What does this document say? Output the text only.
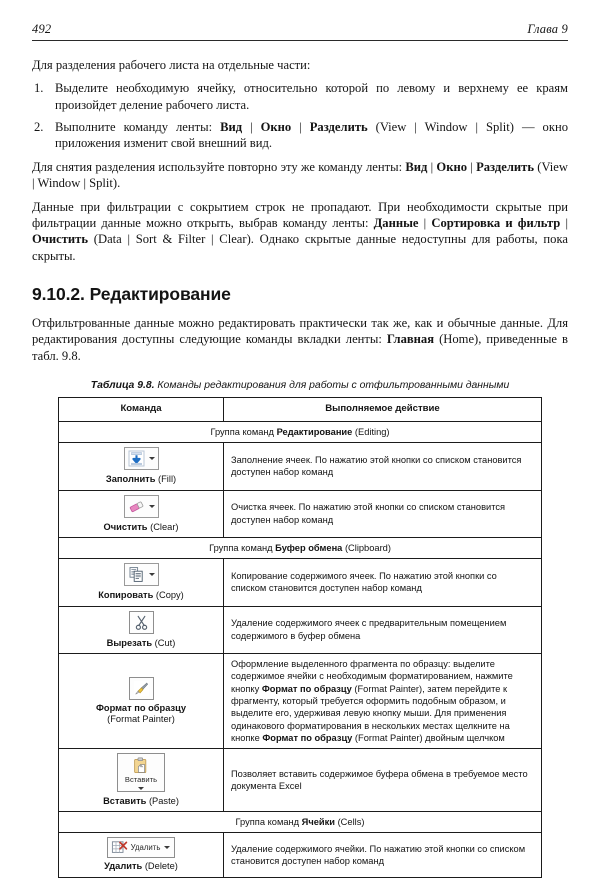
492	Глава 9

Для разделения рабочего листа на отдельные части:

Выделите необходимую ячейку, относительно которой по левому и верхнему ее краям произойдет деление рабочего листа.
Выполните команду ленты: Вид | Окно | Разделить (View | Window | Split) — окно приложения изменит свой внешний вид.

Для снятия разделения используйте повторно эту же команду ленты: Вид | Окно | Разделить (View | Window | Split).

Данные при фильтрации с сокрытием строк не пропадают. При необходимости скрытые при фильтрации данные можно открыть, выбрав команду ленты: Данные | Сортировка и фильтр | Очистить (Data | Sort & Filter | Clear). Однако скрытые данные недоступны для работы, пока скрыты.

9.10.2. Редактирование

Отфильтрованные данные можно редактировать практически так же, как и обычные данные. Для редактирования доступны следующие команды вкладки ленты: Главная (Home), приведенные в табл. 9.8.

Таблица 9.8. Команды редактирования для работы с отфильтрованными данными
Команда	Выполняемое действие
Группа команд Редактирование (Editing)	

Заполнить (Fill)	Заполнение ячеек. По нажатию этой кнопки со списком становится доступен набор команд

Очистить (Clear)	Очистка ячеек. По нажатию этой кнопки со списком становится доступен набор команд
Группа команд Буфер обмена (Clipboard)	

Копировать (Copy)	Копирование содержимого ячеек. По нажатию этой кнопки со списком становится доступен набор команд

Вырезать (Cut)	Удаление содержимого ячеек с предварительным помещением содержимого в буфер обмена

Формат по образцу
(Format Painter)	Оформление выделенного фрагмента по образцу: выделите содержимое ячейки с необходимым форматированием, нажмите кнопку Формат по образцу (Format Painter), затем перейдите к фрагменту, который требуется оформить подобным образом, и выделите его, удерживая левую кнопку мыши. Для применения одинакового форматирования в нескольких местах щелкните на кнопке Формат по образцу (Format Painter) двойным щелчком

Вставить
Вставить (Paste)	Позволяет вставить содержимое буфера обмена в требуемое место документа Excel
Группа команд Ячейки (Cells)	

Удалить
Удалить (Delete)	Удаление содержимого ячейки. По нажатию этой кнопки со списком становится доступен набор команд
